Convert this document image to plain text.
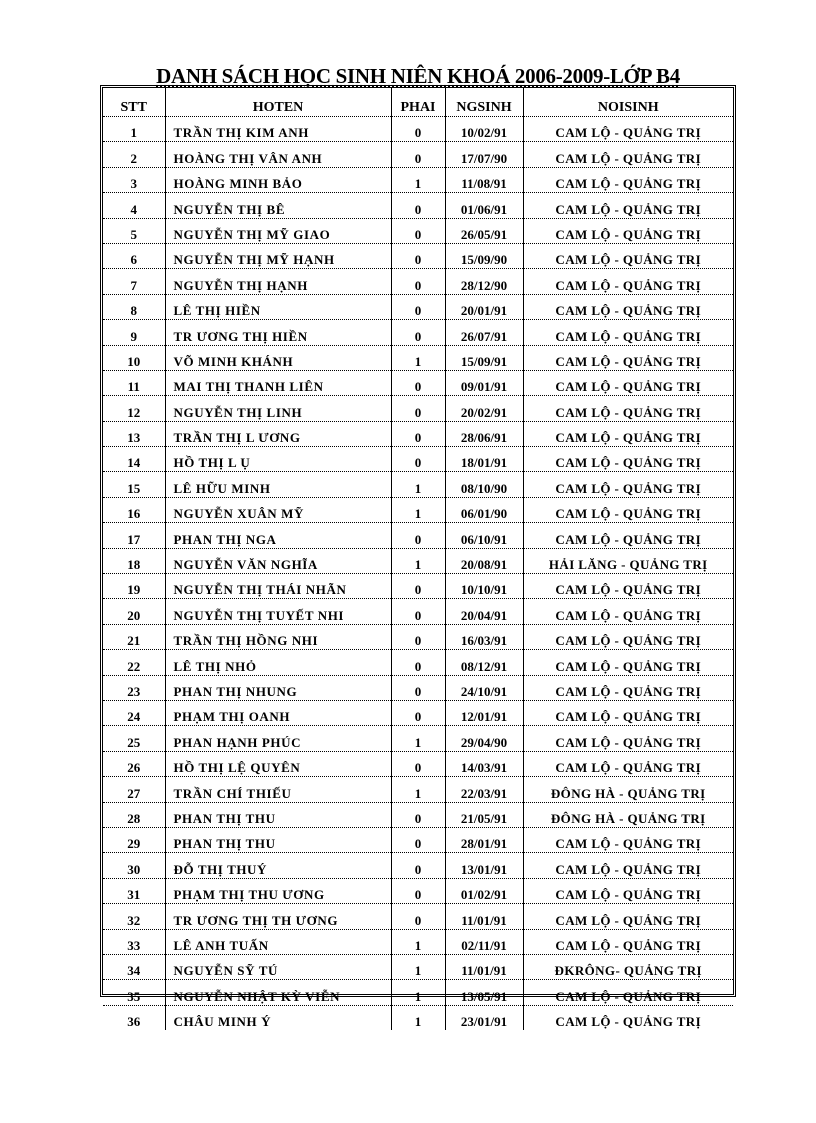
DANH SÁCH HỌC SINH NIÊN KHOÁ 2006-2009-LỚP B4
STT	HOTEN	PHAI	NGSINH	NOISINH
1	TRẦN THỊ KIM ANH	0	10/02/91	CAM LỘ - QUẢNG TRỊ
2	HOÀNG THỊ VÂN ANH	0	17/07/90	CAM LỘ - QUẢNG TRỊ
3	HOÀNG MINH BẢO	1	11/08/91	CAM LỘ - QUẢNG TRỊ
4	NGUYỄN THỊ BÊ	0	01/06/91	CAM LỘ - QUẢNG TRỊ
5	NGUYỄN THỊ MỸ GIAO	0	26/05/91	CAM LỘ - QUẢNG TRỊ
6	NGUYỄN THỊ MỸ HẠNH	0	15/09/90	CAM LỘ - QUẢNG TRỊ
7	NGUYỄN THỊ HẠNH	0	28/12/90	CAM LỘ - QUẢNG TRỊ
8	LÊ THỊ HIỀN	0	20/01/91	CAM LỘ - QUẢNG TRỊ
9	TR ƯƠNG THỊ HIỀN	0	26/07/91	CAM LỘ - QUẢNG TRỊ
10	VÕ MINH KHÁNH	1	15/09/91	CAM LỘ - QUẢNG TRỊ
11	MAI THỊ THANH LIÊN	0	09/01/91	CAM LỘ - QUẢNG TRỊ
12	NGUYỄN THỊ LINH	0	20/02/91	CAM LỘ - QUẢNG TRỊ
13	TRẦN THỊ L ƯƠNG	0	28/06/91	CAM LỘ - QUẢNG TRỊ
14	HỒ THỊ L Ụ	0	18/01/91	CAM LỘ - QUẢNG TRỊ
15	LÊ HỮU MINH	1	08/10/90	CAM LỘ - QUẢNG TRỊ
16	NGUYỄN XUÂN MỸ	1	06/01/90	CAM LỘ - QUẢNG TRỊ
17	PHAN THỊ NGA	0	06/10/91	CAM LỘ - QUẢNG TRỊ
18	NGUYỄN VĂN NGHĨA	1	20/08/91	HẢI LĂNG - QUẢNG TRỊ
19	NGUYỄN THỊ THÁI NHÃN	0	10/10/91	CAM LỘ - QUẢNG TRỊ
20	NGUYỄN THỊ TUYẾT NHI	0	20/04/91	CAM LỘ - QUẢNG TRỊ
21	TRẦN THỊ HỒNG NHI	0	16/03/91	CAM LỘ - QUẢNG TRỊ
22	LÊ THỊ NHỎ	0	08/12/91	CAM LỘ - QUẢNG TRỊ
23	PHAN THỊ NHUNG	0	24/10/91	CAM LỘ - QUẢNG TRỊ
24	PHẠM THỊ OANH	0	12/01/91	CAM LỘ - QUẢNG TRỊ
25	PHAN HẠNH PHÚC	1	29/04/90	CAM LỘ - QUẢNG TRỊ
26	HỒ THỊ LỆ QUYÊN	0	14/03/91	CAM LỘ - QUẢNG TRỊ
27	TRẦN CHÍ THIẾU	1	22/03/91	ĐÔNG HÀ - QUẢNG TRỊ
28	PHAN THỊ THU	0	21/05/91	ĐÔNG HÀ - QUẢNG TRỊ
29	PHAN THỊ THU	0	28/01/91	CAM LỘ - QUẢNG TRỊ
30	ĐỖ THỊ THUÝ	0	13/01/91	CAM LỘ - QUẢNG TRỊ
31	PHẠM THỊ THU ƯƠNG	0	01/02/91	CAM LỘ - QUẢNG TRỊ
32	TR ƯƠNG THỊ TH ƯƠNG	0	11/01/91	CAM LỘ - QUẢNG TRỊ
33	LÊ ANH TUẤN	1	02/11/91	CAM LỘ - QUẢNG TRỊ
34	NGUYỄN SỸ TÚ	1	11/01/91	ĐKRÔNG- QUẢNG TRỊ
35	NGUYỄN NHẬT KỲ VIỄN	1	13/05/91	CAM LỘ - QUẢNG TRỊ
36	CHÂU MINH Ý	1	23/01/91	CAM LỘ - QUẢNG TRỊ
